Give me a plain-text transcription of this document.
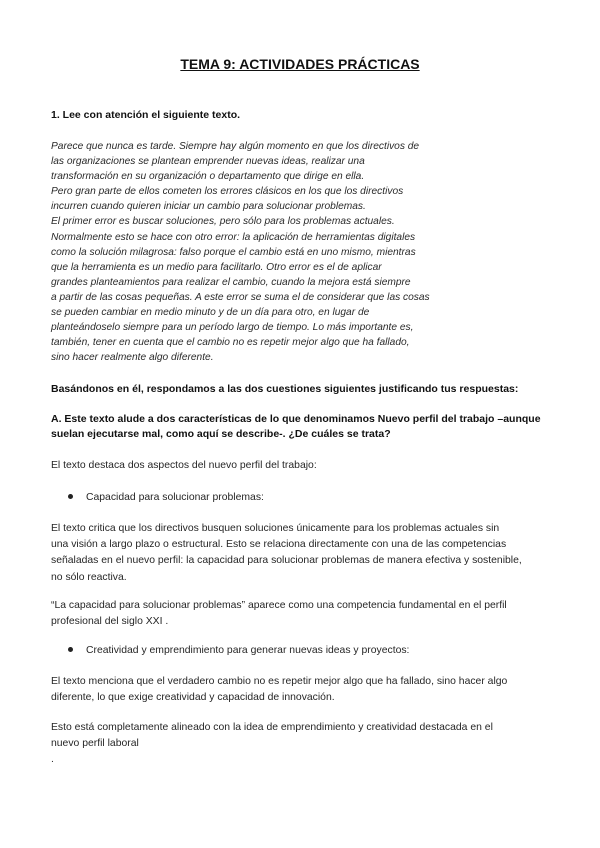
TEMA 9: ACTIVIDADES PRÁCTICAS
1. Lee con atención el siguiente texto.
Parece que nunca es tarde. Siempre hay algún momento en que los directivos de
las organizaciones se plantean emprender nuevas ideas, realizar una
transformación en su organización o departamento que dirige en ella.
Pero gran parte de ellos cometen los errores clásicos en los que los directivos
incurren cuando quieren iniciar un cambio para solucionar problemas.
El primer error es buscar soluciones, pero sólo para los problemas actuales.
Normalmente esto se hace con otro error: la aplicación de herramientas digitales
como la solución milagrosa: falso porque el cambio está en uno mismo, mientras
que la herramienta es un medio para facilitarlo. Otro error es el de aplicar
grandes planteamientos para realizar el cambio, cuando la mejora está siempre
a partir de las cosas pequeñas. A este error se suma el de considerar que las cosas
se pueden cambiar en medio minuto y de un día para otro, en lugar de
planteándoselo siempre para un período largo de tiempo. Lo más importante es,
también, tener en cuenta que el cambio no es repetir mejor algo que ha fallado,
sino hacer realmente algo diferente.
Basándonos en él, respondamos a las dos cuestiones siguientes justificando tus respuestas:
A. Este texto alude a dos características de lo que denominamos Nuevo perfil del trabajo –aunque
suelan ejecutarse mal, como aquí se describe-. ¿De cuáles se trata?
El texto destaca dos aspectos del nuevo perfil del trabajo:
Capacidad para solucionar problemas:
El texto critica que los directivos busquen soluciones únicamente para los problemas actuales sin
una visión a largo plazo o estructural. Esto se relaciona directamente con una de las competencias
señaladas en el nuevo perfil: la capacidad para solucionar problemas de manera efectiva y sostenible,
no sólo reactiva.
“La capacidad para solucionar problemas” aparece como una competencia fundamental en el perfil
profesional del siglo XXI .
Creatividad y emprendimiento para generar nuevas ideas y proyectos:
El texto menciona que el verdadero cambio no es repetir mejor algo que ha fallado, sino hacer algo
diferente, lo que exige creatividad y capacidad de innovación.
Esto está completamente alineado con la idea de emprendimiento y creatividad destacada en el
nuevo perfil laboral
.
